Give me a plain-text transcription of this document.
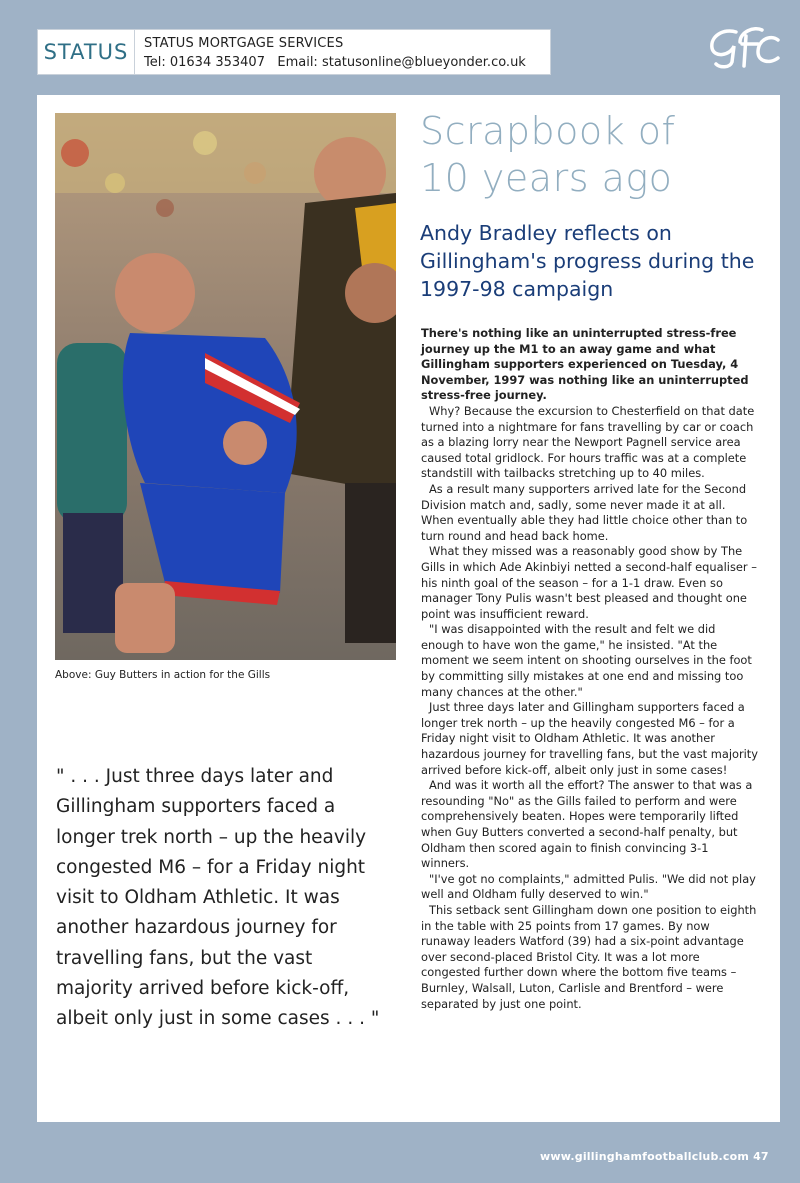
STATUS	STATUS MORTGAGE SERVICES
Tel: 01634 353407   Email: statusonline@blueyonder.co.uk
Above: Guy Butters in action for the Gills
" . . . Just three days later and Gillingham supporters faced a longer trek north – up the heavily congested M6 – for a Friday night visit to Oldham Athletic. It was another hazardous journey for travelling fans, but the vast majority arrived before kick-off, albeit only just in some cases . . . "
Scrapbook of
10 years ago
Andy Bradley reflects on Gillingham's progress during the 1997-98 campaign

There's nothing like an uninterrupted stress-free journey up the M1 to an away game and what Gillingham supporters experienced on Tuesday, 4 November, 1997 was nothing like an uninterrupted stress-free journey.

Why? Because the excursion to Chesterfield on that date turned into a nightmare for fans travelling by car or coach as a blazing lorry near the Newport Pagnell service area caused total gridlock. For hours traffic was at a complete standstill with tailbacks stretching up to 40 miles.

As a result many supporters arrived late for the Second Division match and, sadly, some never made it at all. When eventually able they had little choice other than to turn round and head back home.

What they missed was a reasonably good show by The Gills in which Ade Akinbiyi netted a second-half equaliser – his ninth goal of the season – for a 1-1 draw. Even so manager Tony Pulis wasn't best pleased and thought one point was insufficient reward.

"I was disappointed with the result and felt we did enough to have won the game," he insisted. "At the moment we seem intent on shooting ourselves in the foot by committing silly mistakes at one end and missing too many chances at the other."

Just three days later and Gillingham supporters faced a longer trek north – up the heavily congested M6 – for a Friday night visit to Oldham Athletic. It was another hazardous journey for travelling fans, but the vast majority arrived before kick-off, albeit only just in some cases!

And was it worth all the effort? The answer to that was a resounding "No" as the Gills failed to perform and were comprehensively beaten. Hopes were temporarily lifted when Guy Butters converted a second-half penalty, but Oldham then scored again to finish convincing 3-1 winners.

"I've got no complaints," admitted Pulis. "We did not play well and Oldham fully deserved to win."

This setback sent Gillingham down one position to eighth in the table with 25 points from 17 games. By now runaway leaders Watford (39) had a six-point advantage over second-placed Bristol City. It was a lot more congested further down where the bottom five teams – Burnley, Walsall, Luton, Carlisle and Brentford – were separated by just one point.

www.gillinghamfootballclub.com 47
